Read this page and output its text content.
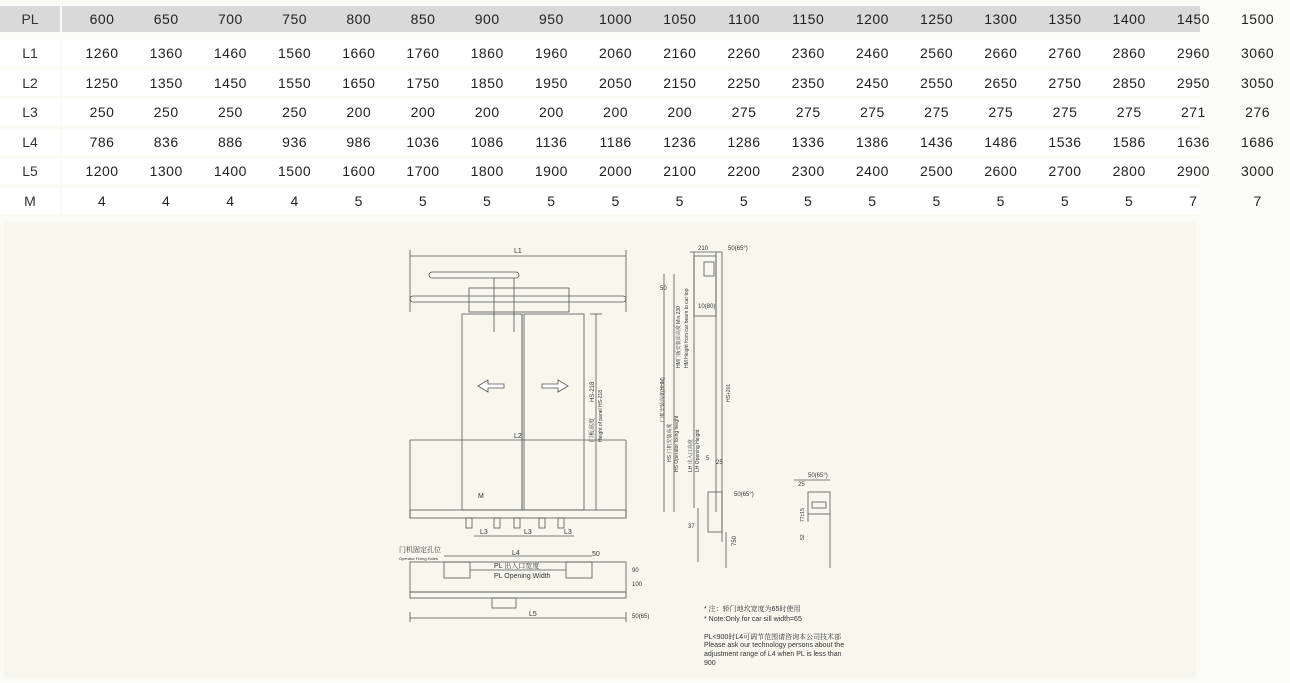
PL	600	650	700	750	800	850	900	950	1000	1050	1100	1150	1200	1250	1300	1350	1400	1450	1500
L1	1260	1360	1460	1560	1660	1760	1860	1960	2060	2160	2260	2360	2460	2560	2660	2760	2860	2960	3060
L2	1250	1350	1450	1550	1650	1750	1850	1950	2050	2150	2250	2350	2450	2550	2650	2750	2850	2950	3050
L3	250	250	250	250	200	200	200	200	200	200	275	275	275	275	275	275	275	271	276
L4	786	836	886	936	986	1036	1086	1136	1186	1236	1286	1336	1386	1436	1486	1536	1586	1636	1686
L5	1200	1300	1400	1500	1600	1700	1800	1900	2000	2100	2200	2300	2400	2500	2600	2700	2800	2900	3000
M	4	4	4	4	5	5	5	5	5	5	5	5	5	5	5	5	5	7	7
L1
L2
M
L3	L3	L3
L4
L5
门机固定孔位
Operator Fixing Holes
PL 出入口宽度
PL Opening Width
50
90
100
50(65)
门板高度 Height of panel HS-218
HS-218
210	50(65°)
50
10(80)
HM门板安装面高度 Min.230 HM Height from car beam to car top
门机安装高度(HHM)
HS 门机安装高度 HS Operator fixing height LH 出入口高度 LH Opening Height
HS+201
5
25
50(65°)
37
750
50(65°)
25
77±15
52
* 注：轿门地坎宽度为65时使用
* Note:Only for car sill width=65
PL<900时L4可调节范围请咨询本公司技术部
Please ask our technology persons about the
adjustment range of L4 when PL is less than
900
